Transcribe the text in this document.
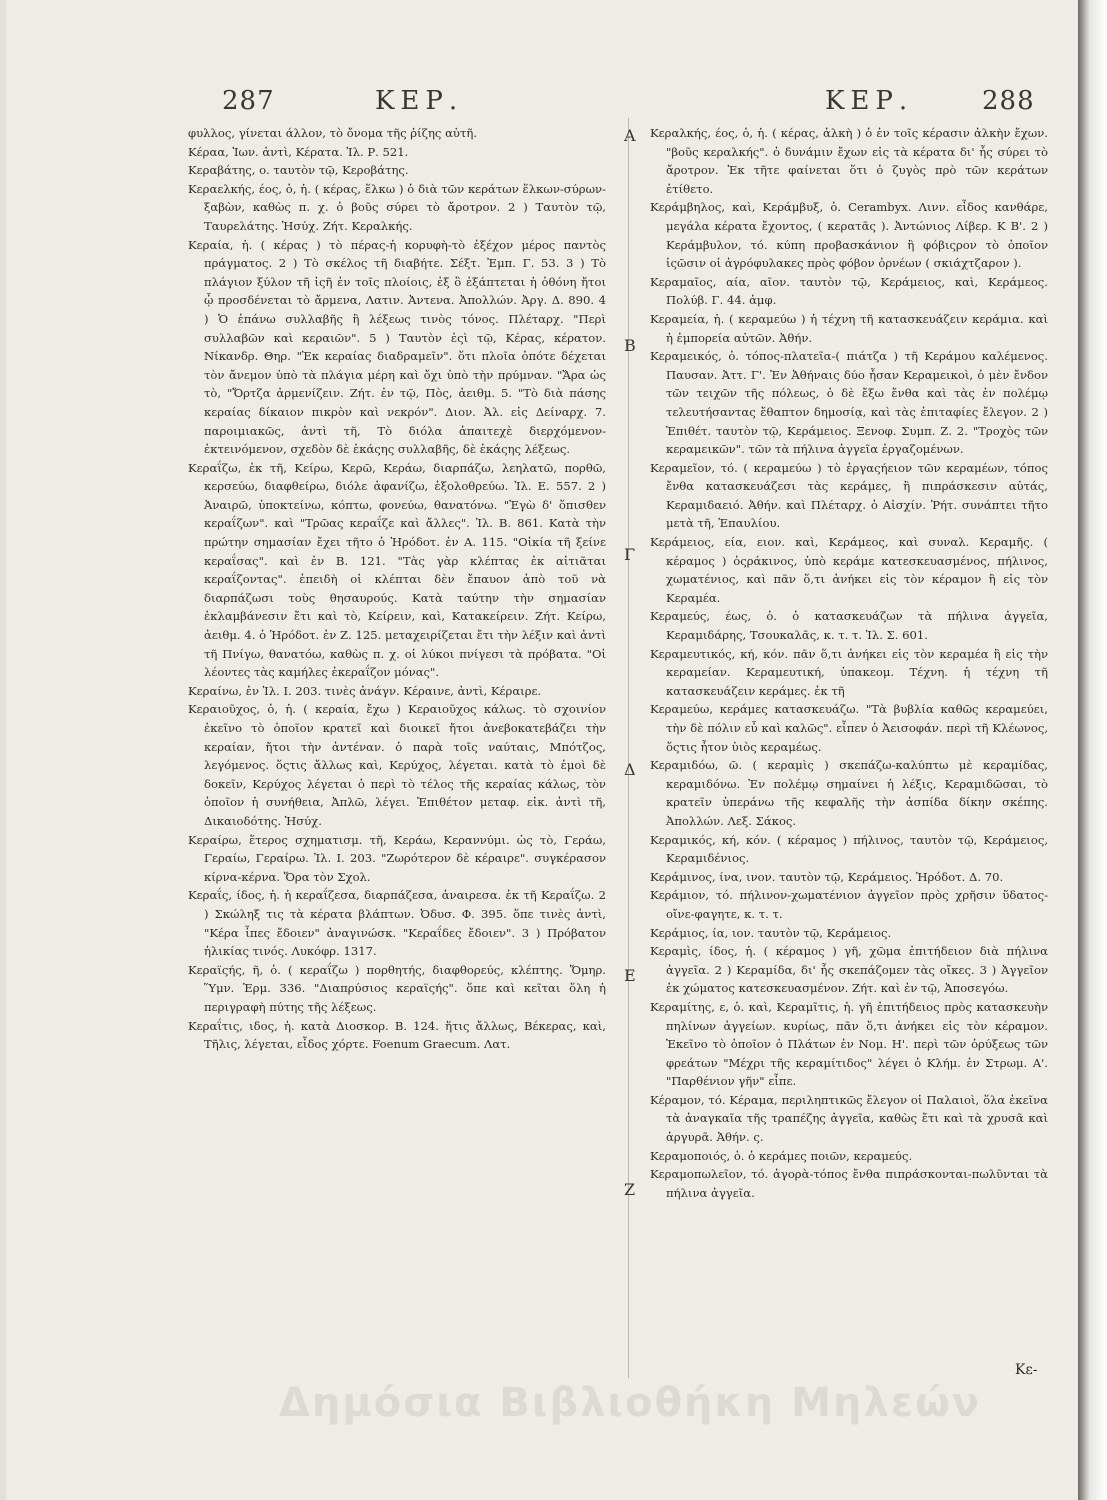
287	ΚΕΡ.	ΚΕΡ.	288

φυλλος, γίνεται άλλον, τὸ ὄνομα τῆς ῥίζης αὐτῆ.

Κέραα, Ἰων. ἀντὶ, Κέρατα. Ἰλ. Ρ. 521.

Κεραβάτης, ο. ταυτὸν τῷ, Κεροβάτης.

Κεραελκής, έος, ὁ, ἡ. ( κέρας, ἕλκω ) ὁ διὰ τῶν κεράτων ἕλκων-σύρων-ξαβὼν, καθὼς π. χ. ὁ βοῦς σύρει τὸ ἄροτρον. 2 ) Ταυτὸν τῷ, Ταυρελάτης. Ἡσύχ. Ζήτ. Κεραλκής.

Κεραία, ἡ. ( κέρας ) τὸ πέρας-ἡ κορυφὴ-τὸ ἐξέχον μέρος παντὸς πράγματος. 2 ) Τὸ σκέλος τῆ διαβήτε. Σέξτ. Ἐμπ. Γ. 53. 3 ) Τὸ πλάγιον ξύλον τῆ ἱςῆ ἐν τοῖς πλοίοις, ἐξ ὃ ἐξάπτεται ἡ ὀθόνη ἤτοι ᾧ προσδένεται τὸ ἄρμενα, Λατιν. Ἀντενα. Ἀπολλών. Ἀργ. Δ. 890. 4 ) Ὁ ἐπάνω συλλαβῆς ἢ λέξεως τινὸς τόνος. Πλέταρχ. "Περὶ συλλαβῶν καὶ κεραιῶν". 5 ) Ταυτὸν ἐςὶ τῷ, Κέρας, κέρατον. Νίκανδρ. Θηρ. "Ἐκ κεραίας διαδραμεῖν". ὅτι πλοῖα ὁπότε δέχεται τὸν ἄνεμον ὑπὸ τὰ πλάγια μέρη καὶ ὄχι ὑπὸ τὴν πρύμναν. "Ἄρα ὡς τὸ, "Ὄρτζα ἀρμενίζειν. Ζήτ. ἐν τῷ, Πὸς, ἀειθμ. 5. "Τὸ διὰ πάσης κεραίας δίκαιον πικρὸν καὶ νεκρόν". Διον. Ἀλ. εἰς Δείναρχ. 7. παροιμιακῶς, ἀντὶ τῆ, Τὸ διόλα ἀπαιτεχὲ διερχόμενον-ἐκτεινόμενον, σχεδὸν δὲ ἑκάςης συλλαβῆς, δὲ ἑκάςης λέξεως.

Κεραΐζω, ἐκ τῆ, Κείρω, Κερῶ, Κεράω, διαρπάζω, λεηλατῶ, πορθῶ, κερσεύω, διαφθείρω, διόλε ἀφανίζω, ἐξολοθρεύω. Ἰλ. Ε. 557. 2 ) Ἀναιρῶ, ὑποκτείνω, κόπτω, φονεύω, θανατόνω. "Ἐγὼ δ' ὅπισθεν κεραΐζων". καὶ "Τρῶας κεραΐζε καὶ ἄλλες". Ἰλ. Β. 861. Κατὰ τὴν πρώτην σημασίαν ἔχει τῆτο ὁ Ἡρόδοτ. ἐν Α. 115. "Οἰκία τῆ ξείνε κεραΐσας". καὶ ἐν Β. 121. "Τὰς γὰρ κλέπτας ἐκ αἰτιᾶται κεραΐζοντας". ἐπειδὴ οἱ κλέπται δὲν ἔπαυον ἀπὸ τοῦ νὰ διαρπάζωσι τοὺς θησαυρούς. Κατὰ ταύτην τὴν σημασίαν ἐκλαμβάνεσιν ἔτι καὶ τὸ, Κείρειν, καὶ, Κατακείρειν. Ζήτ. Κείρω, ἀειθμ. 4. ὁ Ἡρόδοτ. ἐν Ζ. 125. μεταχειρίζεται ἔτι τὴν λέξιν καὶ ἀντὶ τῆ Πνίγω, θανατόω, καθὼς π. χ. οἱ λύκοι πνίγεσι τὰ πρόβατα. "Οἱ λέοντες τὰς καμήλες ἐκεραΐζον μόνας".

Κεραίνω, ἐν Ἰλ. Ι. 203. τινὲς ἀνάγν. Κέραινε, ἀντὶ, Κέραιρε.

Κεραιοῦχος, ὁ, ἡ. ( κεραία, ἔχω ) Κεραιοῦχος κάλως. τὸ σχοινίον ἐκεῖνο τὸ ὁποῖον κρατεῖ καὶ διοικεῖ ἤτοι ἀνεβοκατεβάζει τὴν κεραίαν, ἤτοι τὴν ἀντέναν. ὁ παρὰ τοῖς ναύταις, Μπότζος, λεγόμενος. ὅςτις ἄλλως καὶ, Κερύχος, λέγεται. κατὰ τὸ ἐμοὶ δὲ δοκεῖν, Κερύχος λέγεται ὁ περὶ τὸ τέλος τῆς κεραίας κάλως, τὸν ὁποῖον ἡ συνήθεια, Ἀπλῶ, λέγει. Ἐπιθέτον μεταφ. εἰκ. ἀντὶ τῆ, Δικαιοδότης. Ἡσύχ.

Κεραίρω, ἕτερος σχηματισμ. τῆ, Κεράω, Κεραννύμι. ὡς τὸ, Γεράω, Γεραίω, Γεραίρω. Ἰλ. Ι. 203. "Ζωρότερον δὲ κέραιρε". συγκέρασον κίρνα-κέρνα. Ὅρα τὸν Σχολ.

Κεραΐς, ίδος, ἡ. ἡ κεραΐζεσα, διαρπάζεσα, ἀναιρεσα. ἐκ τῆ Κεραΐζω. 2 ) Σκώληξ τις τὰ κέρατα βλάπτων. Ὀδυσ. Φ. 395. ὅπε τινὲς ἀντὶ, "Κέρα ἶπες ἔδοιεν" ἀναγινώσκ. "Κεραΐδες ἔδοιεν". 3 ) Πρόβατον ἡλικίας τινός. Λυκόφρ. 1317.

Κεραϊςής, ῆ, ὁ. ( κεραΐζω ) πορθητής, διαφθορεύς, κλέπτης. Ὅμηρ. Ὕμν. Ἑρμ. 336. "Διαπρύσιος κεραϊςής". ὅπε καὶ κεῖται ὅλη ἡ περιγραφὴ πύτης τῆς λέξεως.

Κεραΐτις, ιδος, ἡ. κατὰ Διοσκορ. Β. 124. ἥτις ἄλλως, Βέκερας, καὶ, Τῆλις, λέγεται, εἶδος χόρτε. Foenum Graecum. Λατ.

Κεραλκής, έος, ὁ, ἡ. ( κέρας, ἀλκὴ ) ὁ ἐν τοῖς κέρασιν ἀλκὴν ἔχων. "βοῦς κεραλκής". ὁ δυνάμιν ἔχων εἰς τὰ κέρατα δι' ἧς σύρει τὸ ἄροτρον. Ἐκ τῆτε φαίνεται ὅτι ὁ ζυγὸς πρὸ τῶν κεράτων ἐτίθετο.

Κεράμβηλος, καὶ, Κεράμβυξ, ὁ. Cerambyx. Λινν. εἶδος κανθάρε, μεγάλα κέρατα ἔχοντος, ( κερατᾶς ). Ἀντώνιος Λίβερ. Κ Β'. 2 ) Κεράμβυλον, τό. κύπη προβασκάνιον ἢ φόβιςρον τὸ ὁποῖον ἱςῶσιν οἱ ἀγρόφυλακες πρὸς φόβον ὀρνέων ( σκιάχτζαρον ).

Κεραμαῖος, αία, αῖον. ταυτὸν τῷ, Κεράμειος, καὶ, Κεράμεος. Πολύβ. Γ. 44. ἀμφ.

Κεραμεία, ἡ. ( κεραμεύω ) ἡ τέχνη τῆ κατασκευάζειν κεράμια. καὶ ἡ ἐμπορεία αὐτῶν. Ἀθήν.

Κεραμεικός, ὁ. τόπος-πλατεῖα-( πιάτζα ) τῆ Κεράμου καλέμενος. Παυσαν. Ἀττ. Γ'. Ἐν Ἀθήναις δύο ἦσαν Κεραμεικοὶ, ὁ μὲν ἔνδον τῶν τειχῶν τῆς πόλεως, ὁ δὲ ἔξω ἔνθα καὶ τὰς ἐν πολέμῳ τελευτήσαντας ἔθαπτον δημοσίᾳ, καὶ τὰς ἐπιταφίες ἔλεγον. 2 ) Ἐπιθέτ. ταυτὸν τῷ, Κεράμειος. Ξενοφ. Συμπ. Ζ. 2. "Τροχὸς τῶν κεραμεικῶν". τῶν τὰ πήλινα ἀγγεῖα ἐργαζομένων.

Κεραμεῖον, τό. ( κεραμεύω ) τὸ ἐργαςήειον τῶν κεραμέων, τόπος ἔνθα κατασκευάζεσι τὰς κεράμες, ἢ πιπράσκεσιν αὐτάς, Κεραμιδαειό. Ἀθήν. καὶ Πλέταρχ. ὁ Αἰσχίν. Ῥήτ. συνάπτει τῆτο μετὰ τῆ, Ἐπαυλίου.

Κεράμειος, εία, ειον. καὶ, Κεράμεος, καὶ συναλ. Κεραμῆς. ( κέραμος ) ὀςράκινος, ὑπὸ κεράμε κατεσκευασμένος, πήλινος, χωματένιος, καὶ πᾶν ὅ,τι ἀνήκει εἰς τὸν κέραμον ἢ εἰς τὸν Κεραμέα.

Κεραμεύς, έως, ὁ. ὁ κατασκευάζων τὰ πήλινα ἀγγεῖα, Κεραμιδάρης, Τσουκαλᾶς, κ. τ. τ. Ἰλ. Σ. 601.

Κεραμευτικός, κή, κόν. πᾶν ὅ,τι ἀνήκει εἰς τὸν κεραμέα ἢ εἰς τὴν κεραμείαν. Κεραμευτική, ὑπακεομ. Τέχνη. ἡ τέχνη τῆ κατασκευάζειν κεράμες. ἐκ τῆ

Κεραμεύω, κεράμες κατασκευάζω. "Τὰ βυβλία καθῶς κεραμεύει, τὴν δὲ πόλιν εὖ καὶ καλῶς". εἶπεν ὁ Ἀεισοφάν. περὶ τῆ Κλέωνος, ὅςτις ἦτον ὑιὸς κεραμέως.

Κεραμιδόω, ῶ. ( κεραμὶς ) σκεπάζω-καλύπτω μὲ κεραμίδας, κεραμιδόνω. Ἐν πολέμῳ σημαίνει ἡ λέξις, Κεραμιδῶσαι, τὸ κρατεῖν ὑπεράνω τῆς κεφαλῆς τὴν ἀσπίδα δίκην σκέπης. Ἀπολλών. Λεξ. Σάκος.

Κεραμικός, κή, κόν. ( κέραμος ) πήλινος, ταυτὸν τῷ, Κεράμειος, Κεραμιδένιος.

Κεράμινος, ίνα, ινον. ταυτὸν τῷ, Κεράμειος. Ἡρόδοτ. Δ. 70.

Κεράμιον, τό. πήλινον-χωματένιον ἀγγεῖον πρὸς χρῆσιν ὕδατος-οἴνε-φαγητε, κ. τ. τ.

Κεράμιος, ία, ιον. ταυτὸν τῷ, Κεράμειος.

Κεραμὶς, ίδος, ἡ. ( κέραμος ) γῆ, χῶμα ἐπιτήδειον διὰ πήλινα ἀγγεῖα. 2 ) Κεραμίδα, δι' ἧς σκεπάζομεν τὰς οἴκες. 3 ) Ἀγγεῖον ἐκ χώματος κατεσκευασμένον. Ζήτ. καὶ ἐν τῷ, Ἀποσεγόω.

Κεραμίτης, ε, ὁ. καὶ, Κεραμῖτις, ἡ. γῆ ἐπιτήδειος πρὸς κατασκευὴν πηλίνων ἀγγείων. κυρίως, πᾶν ὅ,τι ἀνήκει εἰς τὸν κέραμον. Ἐκεῖνο τὸ ὁποῖον ὁ Πλάτων ἐν Νομ. Η'. περὶ τῶν ὀρύξεως τῶν φρεάτων "Μέχρι τῆς κεραμίτιδος" λέγει ὁ Κλήμ. ἐν Στρωμ. Α'. "Παρθένιον γῆν" εἶπε.

Κέραμον, τό. Κέραμα, περιληπτικῶς ἔλεγον οἱ Παλαιοὶ, ὅλα ἐκεῖνα τὰ ἀναγκαῖα τῆς τραπέζης ἀγγεῖα, καθὼς ἔτι καὶ τὰ χρυσᾶ καὶ ἀργυρᾶ. Ἀθήν. ς.

Κεραμοποιός, ὁ. ὁ κεράμες ποιῶν, κεραμεύς.

Κεραμοπωλεῖον, τό. ἀγορὰ-τόπος ἔνθα πιπράσκονται-πωλῦνται τὰ πήλινα ἀγγεῖα.

A
B
Γ
Δ
E
Z
Κε-
Δημόσια Βιβλιοθήκη Μηλεών
